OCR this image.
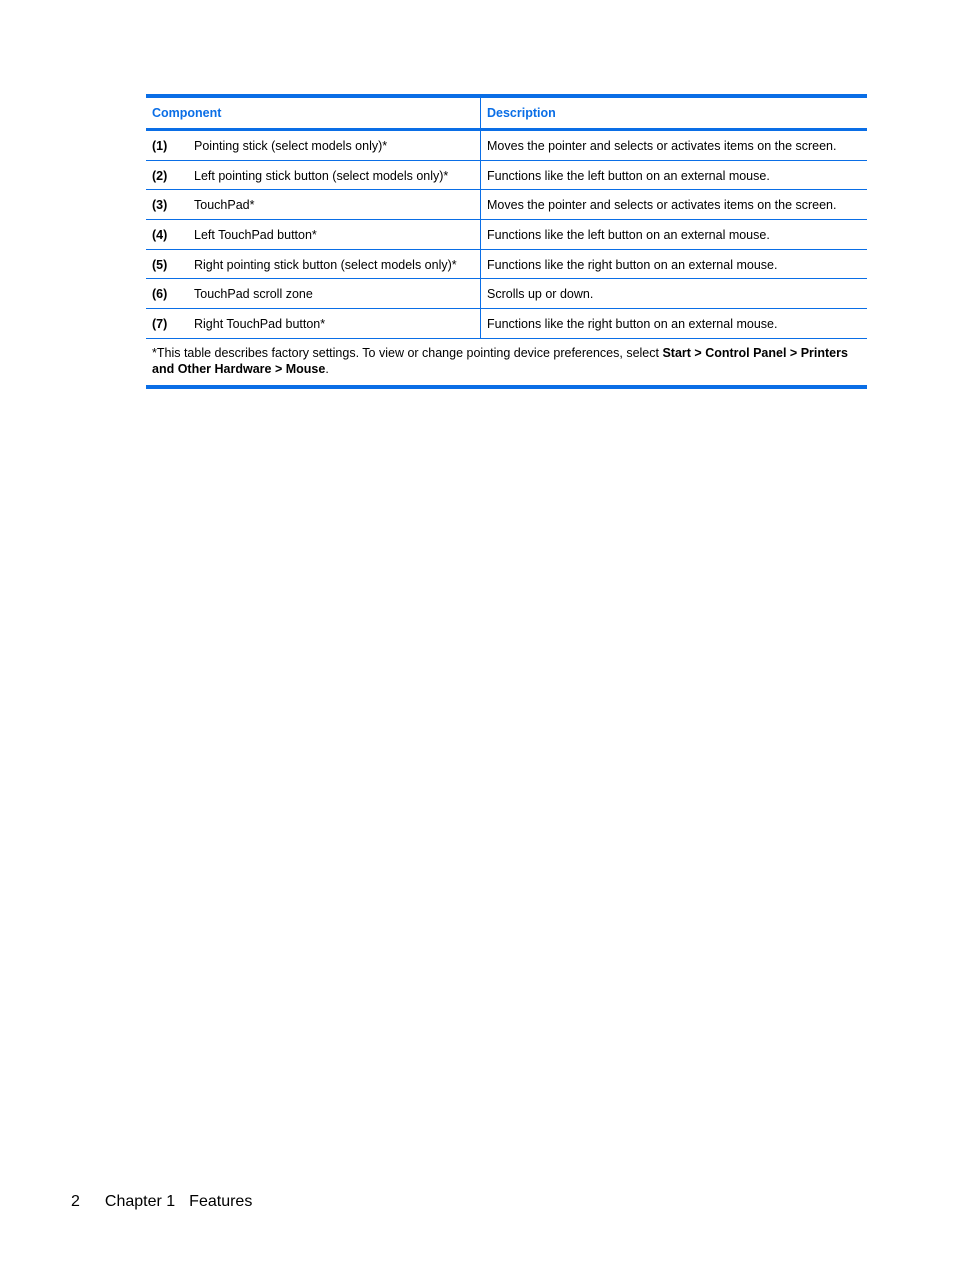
Component	Description
(1)	Pointing stick (select models only)*	Moves the pointer and selects or activates items on the screen.
(2)	Left pointing stick button (select models only)*	Functions like the left button on an external mouse.
(3)	TouchPad*	Moves the pointer and selects or activates items on the screen.
(4)	Left TouchPad button*	Functions like the left button on an external mouse.
(5)	Right pointing stick button (select models only)*	Functions like the right button on an external mouse.
(6)	TouchPad scroll zone	Scrolls up or down.
(7)	Right TouchPad button*	Functions like the right button on an external mouse.
*This table describes factory settings. To view or change pointing device preferences, select Start > Control Panel > Printers and Other Hardware > Mouse.
2 Chapter 1 Features
